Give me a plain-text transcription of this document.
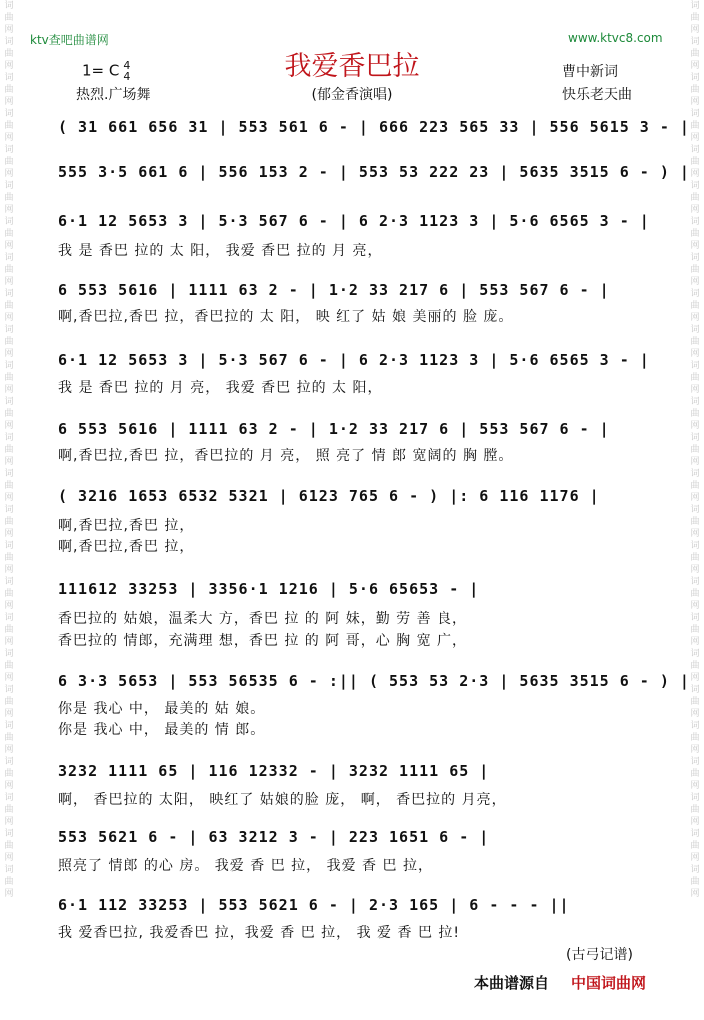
词曲网词曲网词曲网词曲网词曲网词曲网词曲网词曲网词曲网词曲网词曲网词曲网词曲网词曲网词曲网词曲网词曲网词曲网词曲网词曲网词曲网词曲网词曲网词曲网词曲网
词曲网词曲网词曲网词曲网词曲网词曲网词曲网词曲网词曲网词曲网词曲网词曲网词曲网词曲网词曲网词曲网词曲网词曲网词曲网词曲网词曲网词曲网词曲网词曲网词曲网
ktv查吧曲谱网	www.ktvc8.com
我爱香巴拉
1= C 4
4	曹中新词
热烈.广场舞	(郁金香演唱)	快乐老天曲
( 31 661 656 31 | 553 561 6 - | 666 223 565 33 | 556 5615 3 - |
555 3·5 661 6 | 556 153 2 - | 553 53 222 23 | 5635 3515 6 - ) |
6·1 12 5653 3 | 5·3 567 6 - | 6 2·3 1123 3 | 5·6 6565 3 - |
我 是 香巴 拉的 太 阳， 我爱 香巴 拉的 月 亮，
6 553 5616 | 1111 63 2 - | 1·2 33 217 6 | 553 567 6 - |
啊,香巴拉,香巴 拉，香巴拉的 太 阳， 映 红了 姑 娘 美丽的 脸 庞。
6·1 12 5653 3 | 5·3 567 6 - | 6 2·3 1123 3 | 5·6 6565 3 - |
我 是 香巴 拉的 月 亮， 我爱 香巴 拉的 太 阳，
6 553 5616 | 1111 63 2 - | 1·2 33 217 6 | 553 567 6 - |
啊,香巴拉,香巴 拉，香巴拉的 月 亮， 照 亮了 情 郎 宽阔的 胸 膛。
( 3216 1653 6532 5321 | 6123 765 6 - ) |: 6 116 1176 |
啊,香巴拉,香巴 拉，
啊,香巴拉,香巴 拉，
111612 33253 | 3356·1 1216 | 5·6 65653 - |
香巴拉的 姑娘，温柔大 方，香巴 拉 的 阿 妹，勤 劳 善 良，
香巴拉的 情郎，充满理 想，香巴 拉 的 阿 哥，心 胸 宽 广，
6 3·3 5653 | 553 56535 6 - :|| ( 553 53 2·3 | 5635 3515 6 - ) |
你是 我心 中， 最美的 姑 娘。
你是 我心 中， 最美的 情 郎。
3232 1111 65 | 116 12332 - | 3232 1111 65 |
啊， 香巴拉的 太阳， 映红了 姑娘的脸 庞， 啊， 香巴拉的 月亮，
553 5621 6 - | 63 3212 3 - | 223 1651 6 - |
照亮了 情郎 的心 房。 我爱 香 巴 拉， 我爱 香 巴 拉，
6·1 112 33253 | 553 5621 6 - | 2·3 165 | 6 - - - ||
我 爱香巴拉, 我爱香巴 拉，我爱 香 巴 拉， 我 爱 香 巴 拉!
(古弓记谱)
本曲谱源自 中国词曲网
